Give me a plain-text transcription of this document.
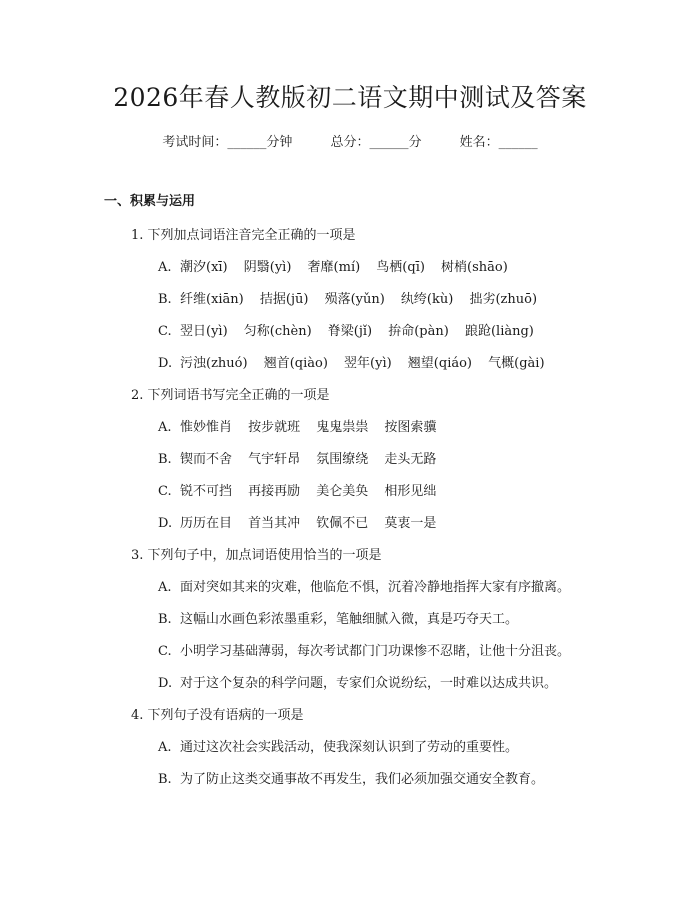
2026年春人教版初二语文期中测试及答案
考试时间：______分钟	总分：______分	姓名：______
一、积累与运用
1. 下列加点词语注音完全正确的一项是
A. 潮汐(xī) 阴翳(yì) 奢靡(mí) 鸟栖(qī) 树梢(shāo)
B. 纤维(xiān) 拮据(jū) 殒落(yǔn) 纨绔(kù) 拙劣(zhuō)
C. 翌日(yì) 匀称(chèn) 脊梁(jǐ) 拚命(pàn) 踉跄(liàng)
D. 污浊(zhuó) 翘首(qiào) 翌年(yì) 翘望(qiáo) 气概(gài)
2. 下列词语书写完全正确的一项是
A. 惟妙惟肖 按步就班 鬼鬼祟祟 按图索骥
B. 锲而不舍 气宇轩昂 氛围缭绕 走头无路
C. 锐不可挡 再接再励 美仑美奂 相形见绌
D. 历历在目 首当其冲 钦佩不已 莫衷一是
3. 下列句子中，加点词语使用恰当的一项是
A. 面对突如其来的灾难，他临危不惧，沉着冷静地指挥大家有序撤离。
B. 这幅山水画色彩浓墨重彩，笔触细腻入微，真是巧夺天工。
C. 小明学习基础薄弱，每次考试都门门功课惨不忍睹，让他十分沮丧。
D. 对于这个复杂的科学问题，专家们众说纷纭，一时难以达成共识。
4. 下列句子没有语病的一项是
A. 通过这次社会实践活动，使我深刻认识到了劳动的重要性。
B. 为了防止这类交通事故不再发生，我们必须加强交通安全教育。
